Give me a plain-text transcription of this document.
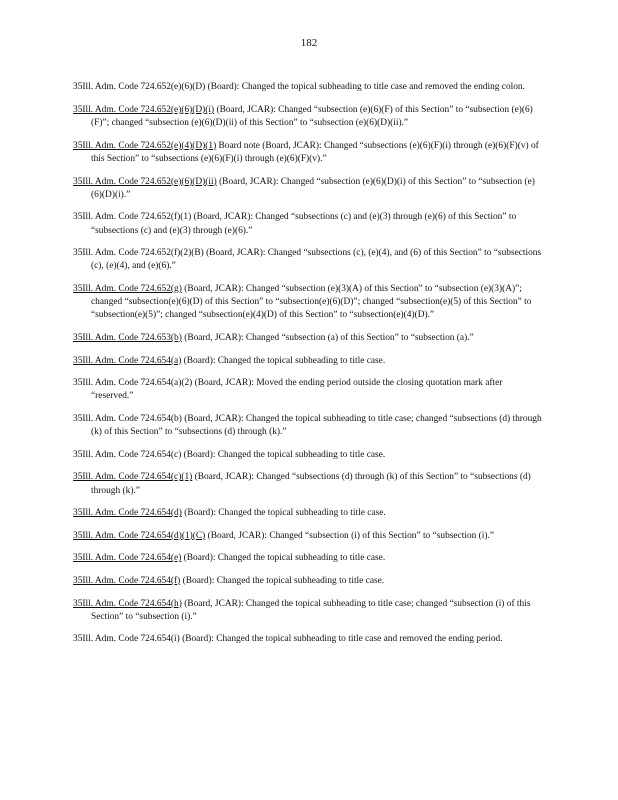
182

35Ill. Adm. Code 724.652(e)(6)(D) (Board): Changed the topical subheading to title case and removed the ending colon.

35Ill. Adm. Code 724.652(e)(6)(D)(i) (Board, JCAR): Changed “subsection (e)(6)(F) of this Section” to “subsection (e)(6)(F)”; changed “subsection (e)(6)(D)(ii) of this Section” to “subsection (e)(6)(D)(ii).”

35Ill. Adm. Code 724.652(e)(4)(D)(1) Board note (Board, JCAR): Changed “subsections (e)(6)(F)(i) through (e)(6)(F)(v) of this Section” to “subsections (e)(6)(F)(i) through (e)(6)(F)(v).”

35Ill. Adm. Code 724.652(e)(6)(D)(ii) (Board, JCAR): Changed “subsection (e)(6)(D)(i) of this Section” to “subsection (e)(6)(D)(i).”

35Ill. Adm. Code 724.652(f)(1) (Board, JCAR): Changed “subsections (c) and (e)(3) through (e)(6) of this Section” to “subsections (c) and (e)(3) through (e)(6).”

35Ill. Adm. Code 724.652(f)(2)(B) (Board, JCAR): Changed “subsections (c), (e)(4), and (6) of this Section” to “subsections (c), (e)(4), and (e)(6).”

35Ill. Adm. Code 724.652(g) (Board, JCAR): Changed “subsection (e)(3)(A) of this Section” to “subsection (e)(3)(A)”; changed “subsection(e)(6)(D) of this Section” to “subsection(e)(6)(D)”; changed “subsection(e)(5) of this Section” to “subsection(e)(5)”; changed “subsection(e)(4)(D) of this Section” to “subsection(e)(4)(D).”

35Ill. Adm. Code 724.653(b) (Board, JCAR): Changed “subsection (a) of this Section” to “subsection (a).”

35Ill. Adm. Code 724.654(a) (Board): Changed the topical subheading to title case.

35Ill. Adm. Code 724.654(a)(2) (Board, JCAR): Moved the ending period outside the closing quotation mark after “reserved.”

35Ill. Adm. Code 724.654(b) (Board, JCAR): Changed the topical subheading to title case; changed “subsections (d) through (k) of this Section” to “subsections (d) through (k).”

35Ill. Adm. Code 724.654(c) (Board): Changed the topical subheading to title case.

35Ill. Adm. Code 724.654(c)(1) (Board, JCAR): Changed “subsections (d) through (k) of this Section” to “subsections (d) through (k).”

35Ill. Adm. Code 724.654(d) (Board): Changed the topical subheading to title case.

35Ill. Adm. Code 724.654(d)(1)(C) (Board, JCAR): Changed “subsection (i) of this Section” to “subsection (i).”

35Ill. Adm. Code 724.654(e) (Board): Changed the topical subheading to title case.

35Ill. Adm. Code 724.654(f) (Board): Changed the topical subheading to title case.

35Ill. Adm. Code 724.654(h) (Board, JCAR): Changed the topical subheading to title case; changed “subsection (i) of this Section” to “subsection (i).”

35Ill. Adm. Code 724.654(i) (Board): Changed the topical subheading to title case and removed the ending period.
